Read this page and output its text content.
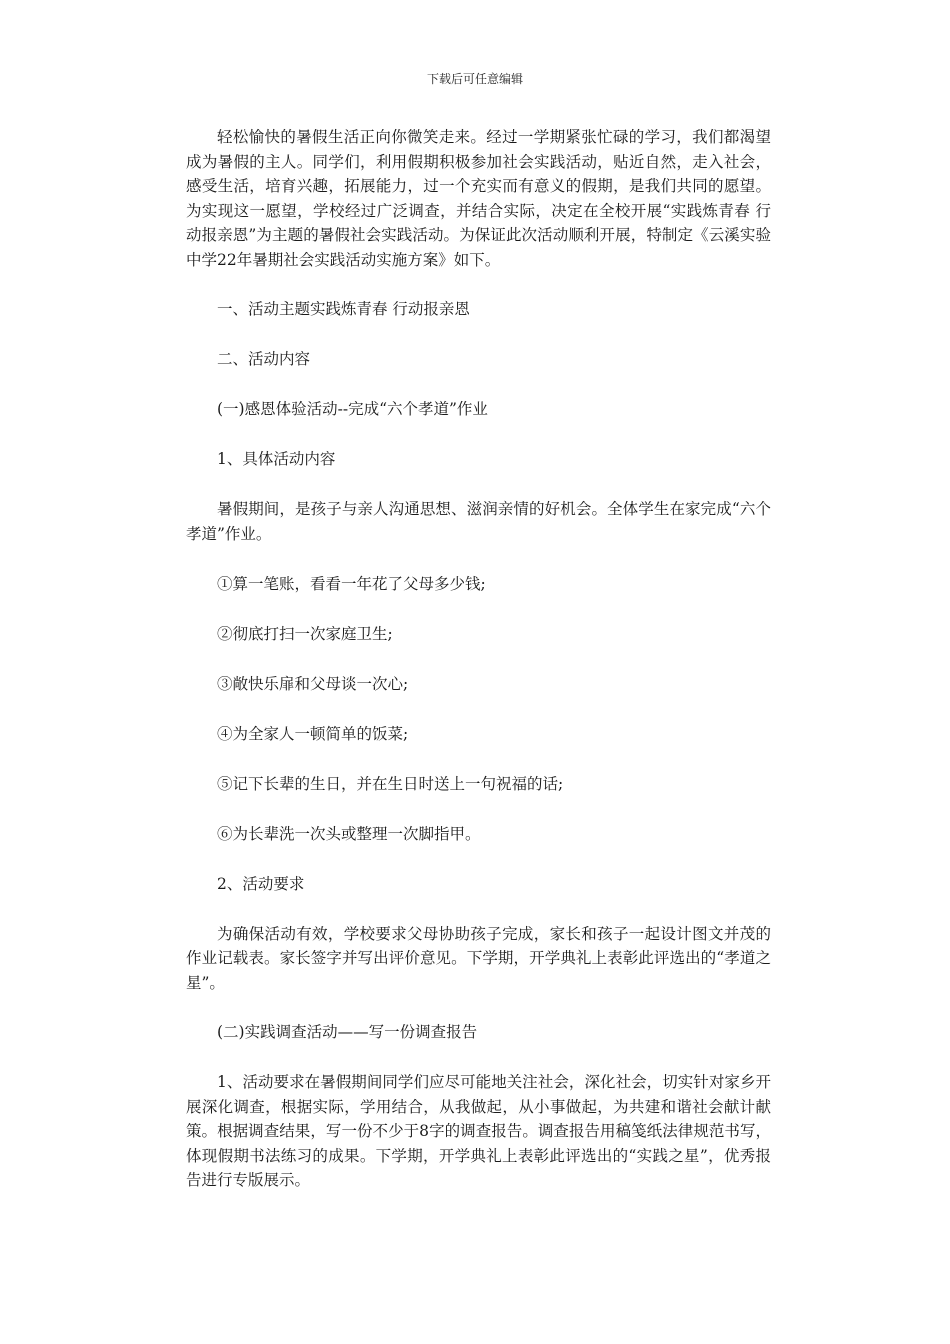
下载后可任意编辑

轻松愉快的暑假生活正向你微笑走来。经过一学期紧张忙碌的学习，我们都渴望成为暑假的主人。同学们，利用假期积极参加社会实践活动，贴近自然，走入社会，感受生活，培育兴趣，拓展能力，过一个充实而有意义的假期，是我们共同的愿望。为实现这一愿望，学校经过广泛调查，并结合实际，决定在全校开展“实践炼青春 行动报亲恩”为主题的暑假社会实践活动。为保证此次活动顺利开展，特制定《云溪实验中学22年暑期社会实践活动实施方案》如下。

一、活动主题实践炼青春 行动报亲恩

二、活动内容

(一)感恩体验活动--完成“六个孝道”作业

1、具体活动内容

暑假期间，是孩子与亲人沟通思想、滋润亲情的好机会。全体学生在家完成“六个孝道”作业。

①算一笔账，看看一年花了父母多少钱;

②彻底打扫一次家庭卫生;

③敞快乐扉和父母谈一次心;

④为全家人一顿简单的饭菜;

⑤记下长辈的生日，并在生日时送上一句祝福的话;

⑥为长辈洗一次头或整理一次脚指甲。

2、活动要求

为确保活动有效，学校要求父母协助孩子完成，家长和孩子一起设计图文并茂的作业记载表。家长签字并写出评价意见。下学期，开学典礼上表彰此评选出的“孝道之星”。

(二)实践调查活动——写一份调查报告

1、活动要求在暑假期间同学们应尽可能地关注社会，深化社会，切实针对家乡开展深化调查，根据实际，学用结合，从我做起，从小事做起，为共建和谐社会献计献策。根据调查结果，写一份不少于8字的调查报告。调查报告用稿笺纸法律规范书写，体现假期书法练习的成果。下学期，开学典礼上表彰此评选出的“实践之星”，优秀报告进行专版展示。
